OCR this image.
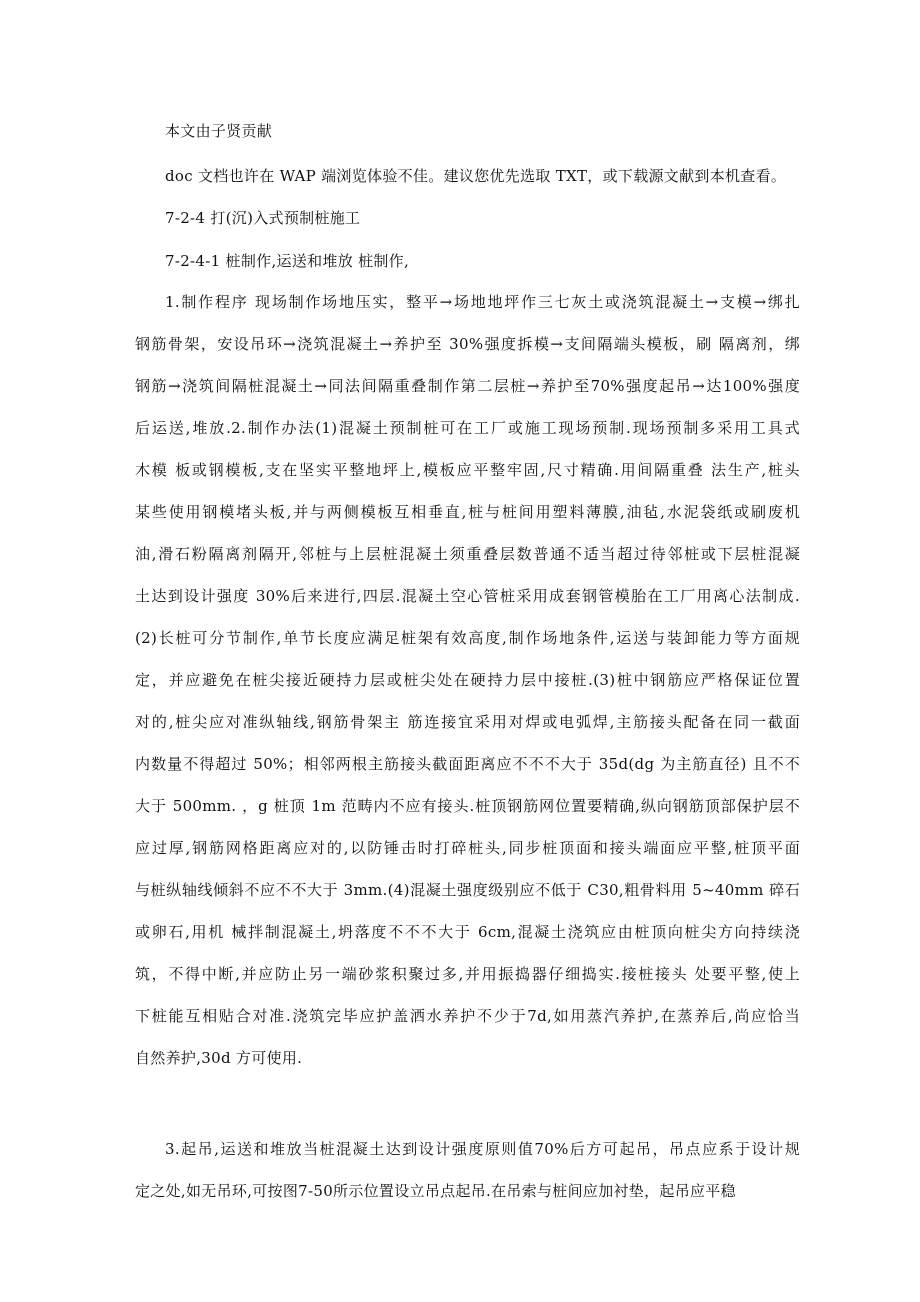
本文由子贤贡献
doc 文档也许在 WAP 端浏览体验不佳。建议您优先选取 TXT，或下载源文献到本机查看。
7-2-4 打(沉)入式预制桩施工
7-2-4-1 桩制作,运送和堆放 桩制作,
1.制作程序 现场制作场地压实，整平→场地地坪作三七灰土或浇筑混凝土→支模→绑扎
钢筋骨架，安设吊环→浇筑混凝土→养护至 30%强度拆模→支间隔端头模板，刷 隔离剂，绑
钢筋→浇筑间隔桩混凝土→同法间隔重叠制作第二层桩→养护至70%强度起吊→达100%强度
后运送,堆放.2.制作办法(1)混凝土预制桩可在工厂或施工现场预制.现场预制多采用工具式
木模 板或钢模板,支在坚实平整地坪上,模板应平整牢固,尺寸精确.用间隔重叠 法生产,桩头
某些使用钢模堵头板,并与两侧模板互相垂直,桩与桩间用塑料薄膜,油毡,水泥袋纸或刷废机
油,滑石粉隔离剂隔开,邻桩与上层桩混凝土须重叠层数普通不适当超过待邻桩或下层桩混凝
土达到设计强度 30%后来进行,四层.混凝土空心管桩采用成套钢管模胎在工厂用离心法制成.
(2)长桩可分节制作,单节长度应满足桩架有效高度,制作场地条件,运送与装卸能力等方面规
定，并应避免在桩尖接近硬持力层或桩尖处在硬持力层中接桩.(3)桩中钢筋应严格保证位置
对的,桩尖应对准纵轴线,钢筋骨架主 筋连接宜采用对焊或电弧焊,主筋接头配备在同一截面
内数量不得超过 50%；相邻两根主筋接头截面距离应不不不大于 35d(dg 为主筋直径) 且不不
大于 500mm. ，g 桩顶 1m 范畴内不应有接头.桩顶钢筋网位置要精确,纵向钢筋顶部保护层不
应过厚,钢筋网格距离应对的,以防锤击时打碎桩头,同步桩顶面和接头端面应平整,桩顶平面
与桩纵轴线倾斜不应不不大于 3mm.(4)混凝土强度级别应不低于 C30,粗骨料用 5~40mm 碎石
或卵石,用机 械拌制混凝土,坍落度不不不大于 6cm,混凝土浇筑应由桩顶向桩尖方向持续浇
筑，不得中断,并应防止另一端砂浆积聚过多,并用振捣器仔细捣实.接桩接头 处要平整,使上
下桩能互相贴合对准.浇筑完毕应护盖洒水养护不少于7d,如用蒸汽养护,在蒸养后,尚应恰当
自然养护,30d 方可使用.
3.起吊,运送和堆放当桩混凝土达到设计强度原则值70%后方可起吊，吊点应系于设计规
定之处,如无吊环,可按图7-50所示位置设立吊点起吊.在吊索与桩间应加衬垫，起吊应平稳
